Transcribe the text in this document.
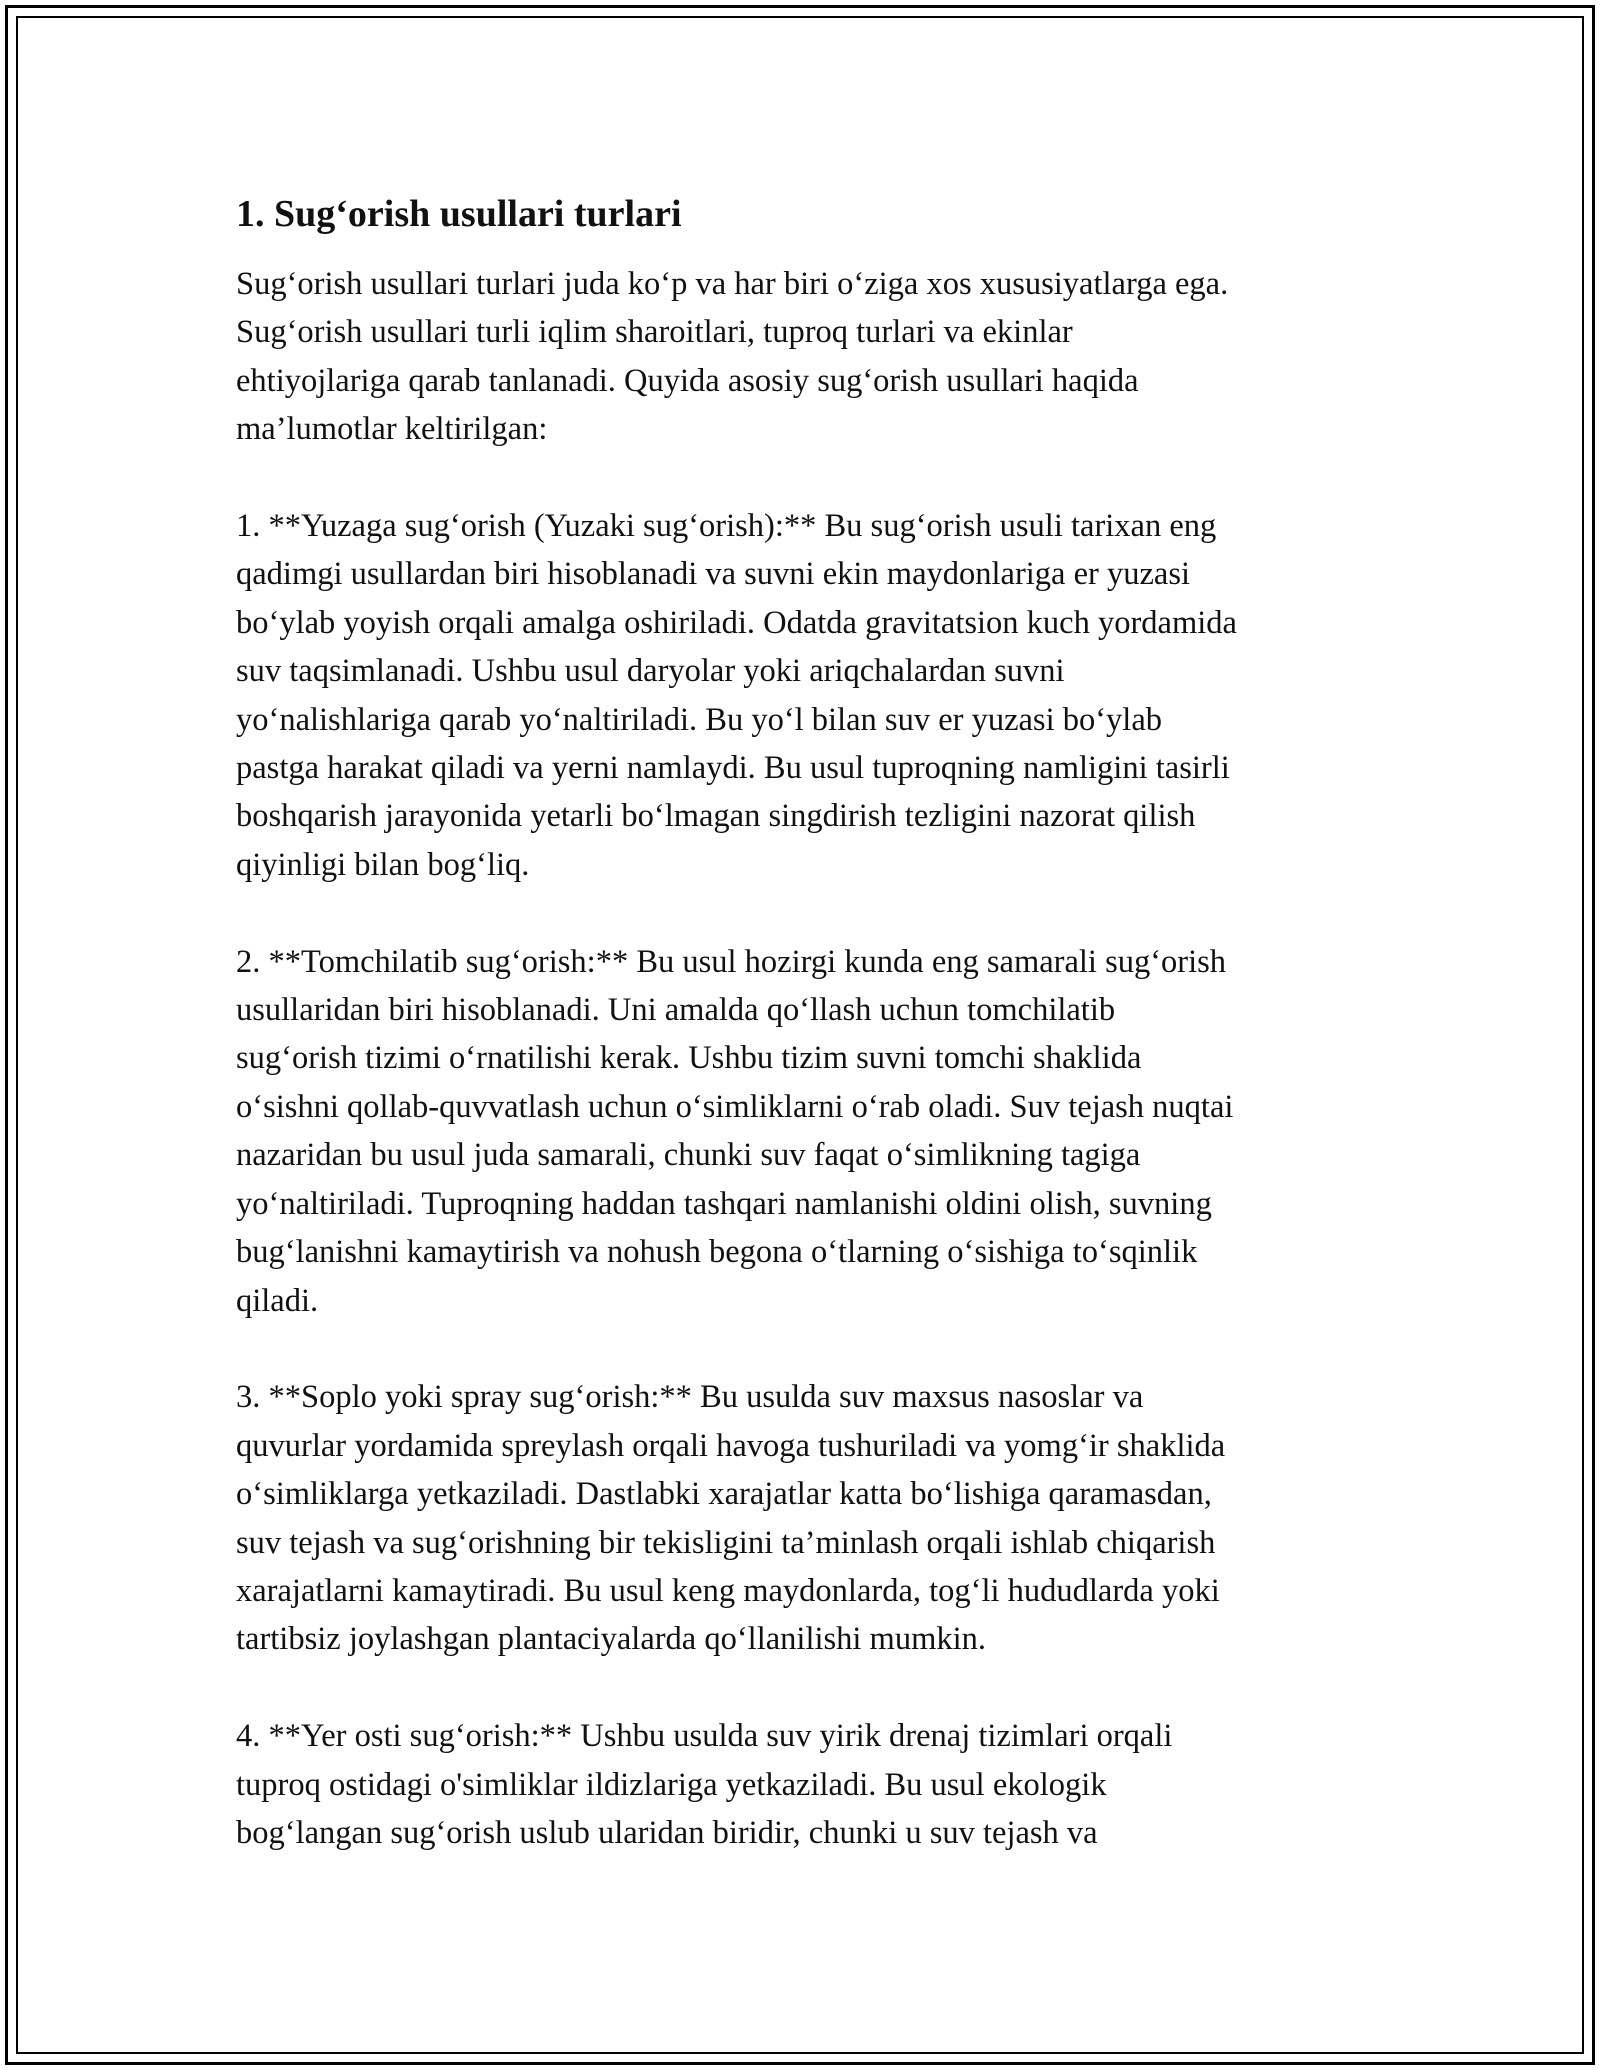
1. Sug‘orish usullari turlari

Sug‘orish usullari turlari juda ko‘p va har biri o‘ziga xos xususiyatlarga ega.
Sug‘orish usullari turli iqlim sharoitlari, tuproq turlari va ekinlar
ehtiyojlariga qarab tanlanadi. Quyida asosiy sug‘orish usullari haqida
ma’lumotlar keltirilgan:

1. **Yuzaga sug‘orish (Yuzaki sug‘orish):** Bu sug‘orish usuli tarixan eng
qadimgi usullardan biri hisoblanadi va suvni ekin maydonlariga er yuzasi
bo‘ylab yoyish orqali amalga oshiriladi. Odatda gravitatsion kuch yordamida
suv taqsimlanadi. Ushbu usul daryolar yoki ariqchalardan suvni
yo‘nalishlariga qarab yo‘naltiriladi. Bu yo‘l bilan suv er yuzasi bo‘ylab
pastga harakat qiladi va yerni namlaydi. Bu usul tuproqning namligini tasirli
boshqarish jarayonida yetarli bo‘lmagan singdirish tezligini nazorat qilish
qiyinligi bilan bog‘liq.

2. **Tomchilatib sug‘orish:** Bu usul hozirgi kunda eng samarali sug‘orish
usullaridan biri hisoblanadi. Uni amalda qo‘llash uchun tomchilatib
sug‘orish tizimi o‘rnatilishi kerak. Ushbu tizim suvni tomchi shaklida
o‘sishni qollab-quvvatlash uchun o‘simliklarni o‘rab oladi. Suv tejash nuqtai
nazaridan bu usul juda samarali, chunki suv faqat o‘simlikning tagiga
yo‘naltiriladi. Tuproqning haddan tashqari namlanishi oldini olish, suvning
bug‘lanishni kamaytirish va nohush begona o‘tlarning o‘sishiga to‘sqinlik
qiladi.

3. **Soplo yoki spray sug‘orish:** Bu usulda suv maxsus nasoslar va
quvurlar yordamida spreylash orqali havoga tushuriladi va yomg‘ir shaklida
o‘simliklarga yetkaziladi. Dastlabki xarajatlar katta bo‘lishiga qaramasdan,
suv tejash va sug‘orishning bir tekisligini ta’minlash orqali ishlab chiqarish
xarajatlarni kamaytiradi. Bu usul keng maydonlarda, tog‘li hududlarda yoki
tartibsiz joylashgan plantaciyalarda qo‘llanilishi mumkin.

4. **Yer osti sug‘orish:** Ushbu usulda suv yirik drenaj tizimlari orqali
tuproq ostidagi o'simliklar ildizlariga yetkaziladi. Bu usul ekologik
bog‘langan sug‘orish uslub ularidan biridir, chunki u suv tejash va
